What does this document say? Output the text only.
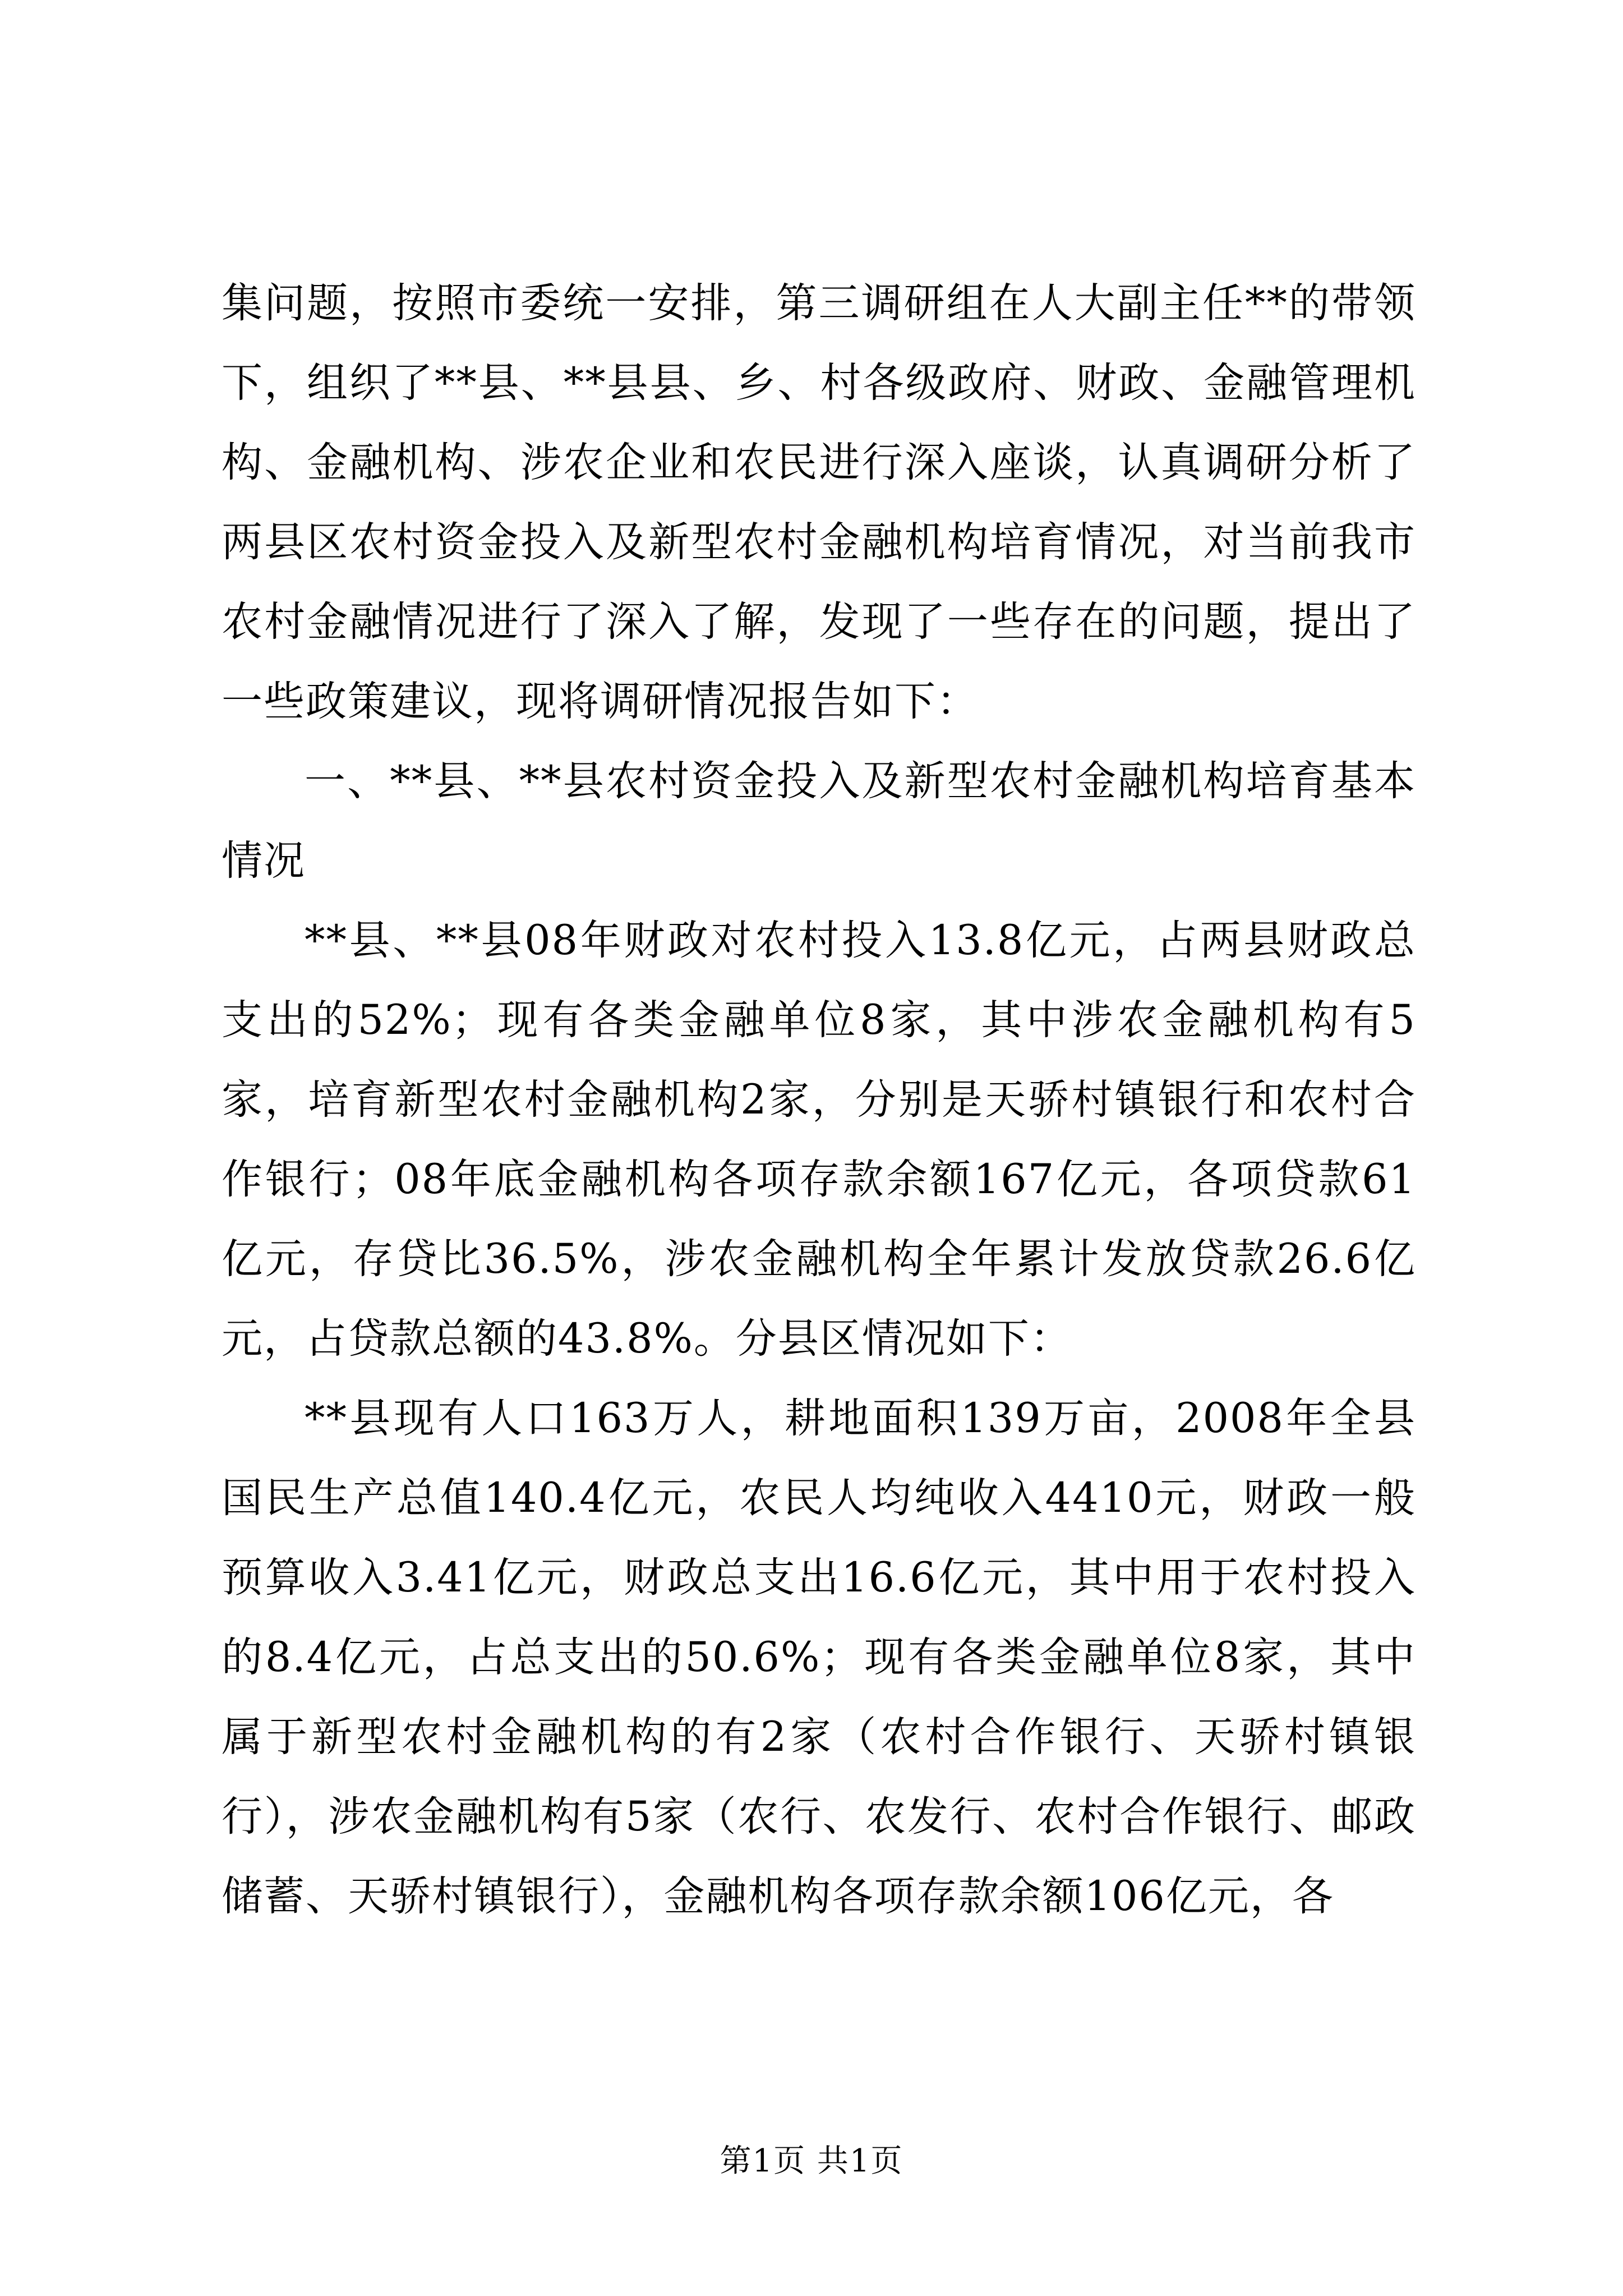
集问题，按照市委统一安排，第三调研组在人大副主任**的带领下，组织了**县、**县县、乡、村各级政府、财政、金融管理机构、金融机构、涉农企业和农民进行深入座谈，认真调研分析了两县区农村资金投入及新型农村金融机构培育情况，对当前我市农村金融情况进行了深入了解，发现了一些存在的问题，提出了一些政策建议，现将调研情况报告如下：

一、**县、**县农村资金投入及新型农村金融机构培育基本情况

**县、**县08年财政对农村投入13.8亿元，占两县财政总支出的52%；现有各类金融单位8家，其中涉农金融机构有5家，培育新型农村金融机构2家，分别是天骄村镇银行和农村合作银行；08年底金融机构各项存款余额167亿元，各项贷款61亿元，存贷比36.5%，涉农金融机构全年累计发放贷款26.6亿元，占贷款总额的43.8%。分县区情况如下：

**县现有人口163万人，耕地面积139万亩，2008年全县国民生产总值140.4亿元，农民人均纯收入4410元，财政一般预算收入3.41亿元，财政总支出16.6亿元，其中用于农村投入的8.4亿元，占总支出的50.6%；现有各类金融单位8家，其中属于新型农村金融机构的有2家（农村合作银行、天骄村镇银行），涉农金融机构有5家（农行、农发行、农村合作银行、邮政储蓄、天骄村镇银行），金融机构各项存款余额106亿元，各

第1页 共1页
